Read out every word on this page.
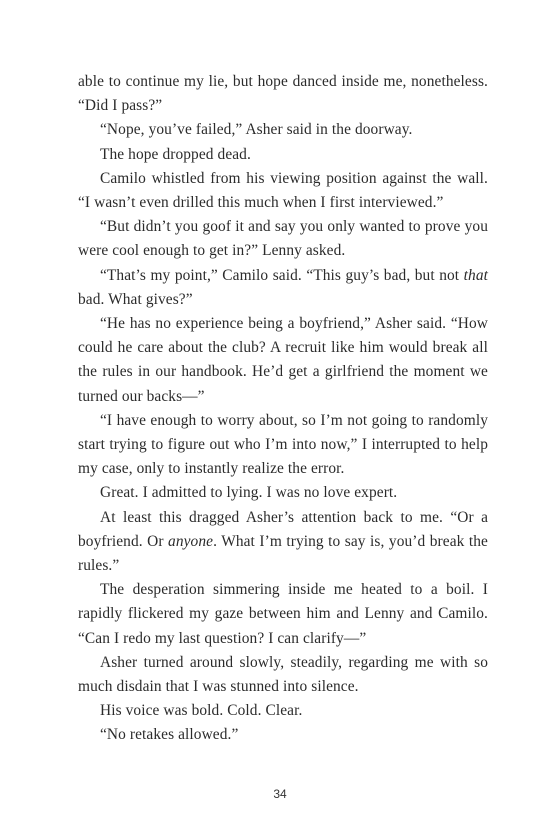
able to continue my lie, but hope danced inside me, nonetheless. “Did I pass?”

“Nope, you’ve failed,” Asher said in the doorway.

The hope dropped dead.

Camilo whistled from his viewing position against the wall. “I wasn’t even drilled this much when I first interviewed.”

“But didn’t you goof it and say you only wanted to prove you were cool enough to get in?” Lenny asked.

“That’s my point,” Camilo said. “This guy’s bad, but not that bad. What gives?”

“He has no experience being a boyfriend,” Asher said. “How could he care about the club? A recruit like him would break all the rules in our handbook. He’d get a girlfriend the moment we turned our backs—”

“I have enough to worry about, so I’m not going to randomly start trying to figure out who I’m into now,” I interrupted to help my case, only to instantly realize the error.

Great. I admitted to lying. I was no love expert.

At least this dragged Asher’s attention back to me. “Or a boyfriend. Or anyone. What I’m trying to say is, you’d break the rules.”

The desperation simmering inside me heated to a boil. I rapidly flickered my gaze between him and Lenny and Camilo. “Can I redo my last question? I can clarify—”

Asher turned around slowly, steadily, regarding me with so much disdain that I was stunned into silence.

His voice was bold. Cold. Clear.

“No retakes allowed.”

34
